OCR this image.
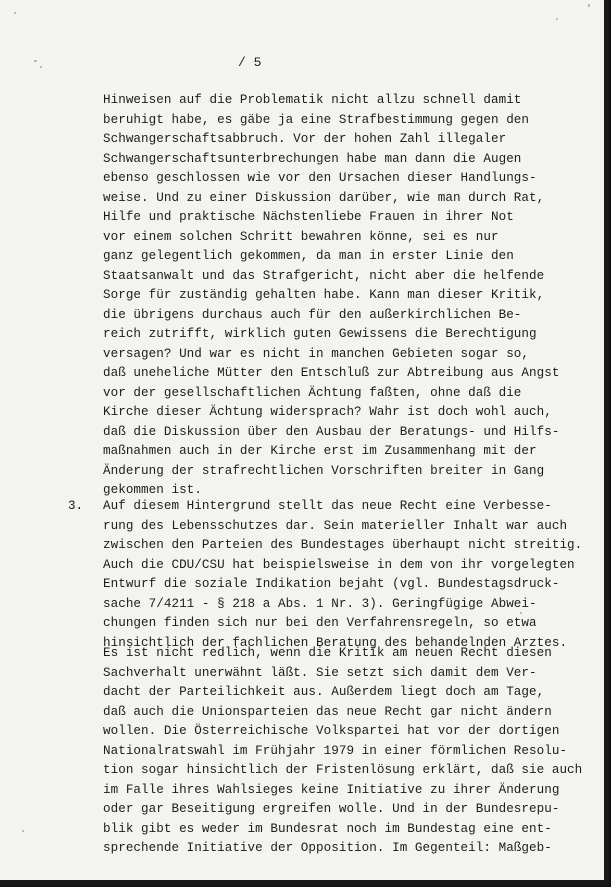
/ 5
Hinweisen auf die Problematik nicht allzu schnell damit
beruhigt habe, es gäbe ja eine Strafbestimmung gegen den
Schwangerschaftsabbruch. Vor der hohen Zahl illegaler
Schwangerschaftsunterbrechungen habe man dann die Augen
ebenso geschlossen wie vor den Ursachen dieser Handlungs-
weise. Und zu einer Diskussion darüber, wie man durch Rat,
Hilfe und praktische Nächstenliebe Frauen in ihrer Not
vor einem solchen Schritt bewahren könne, sei es nur
ganz gelegentlich gekommen, da man in erster Linie den
Staatsanwalt und das Strafgericht, nicht aber die helfende
Sorge für zuständig gehalten habe. Kann man dieser Kritik,
die übrigens durchaus auch für den außerkirchlichen Be-
reich zutrifft, wirklich guten Gewissens die Berechtigung
versagen? Und war es nicht in manchen Gebieten sogar so,
daß uneheliche Mütter den Entschluß zur Abtreibung aus Angst
vor der gesellschaftlichen Ächtung faßten, ohne daß die
Kirche dieser Ächtung widersprach? Wahr ist doch wohl auch,
daß die Diskussion über den Ausbau der Beratungs- und Hilfs-
maßnahmen auch in der Kirche erst im Zusammenhang mit der
Änderung der strafrechtlichen Vorschriften breiter in Gang
gekommen ist.
3. Auf diesem Hintergrund stellt das neue Recht eine Verbesse-
rung des Lebensschutzes dar. Sein materieller Inhalt war auch
zwischen den Parteien des Bundestages überhaupt nicht streitig.
Auch die CDU/CSU hat beispielsweise in dem von ihr vorgelegten
Entwurf die soziale Indikation bejaht (vgl. Bundestagsdruck-
sache 7/4211 - § 218 a Abs. 1 Nr. 3). Geringfügige Abwei-
chungen finden sich nur bei den Verfahrensregeln, so etwa
hinsichtlich der fachlichen Beratung des behandelnden Arztes.
Es ist nicht redlich, wenn die Kritik am neuen Recht diesen
Sachverhalt unerwähnt läßt. Sie setzt sich damit dem Ver-
dacht der Parteilichkeit aus. Außerdem liegt doch am Tage,
daß auch die Unionsparteien das neue Recht gar nicht ändern
wollen. Die Österreichische Volkspartei hat vor der dortigen
Nationalratswahl im Frühjahr 1979 in einer förmlichen Resolu-
tion sogar hinsichtlich der Fristenlösung erklärt, daß sie auch
im Falle ihres Wahlsieges keine Initiative zu ihrer Änderung
oder gar Beseitigung ergreifen wolle. Und in der Bundesrepu-
blik gibt es weder im Bundesrat noch im Bundestag eine ent-
sprechende Initiative der Opposition. Im Gegenteil: Maßgeb-
